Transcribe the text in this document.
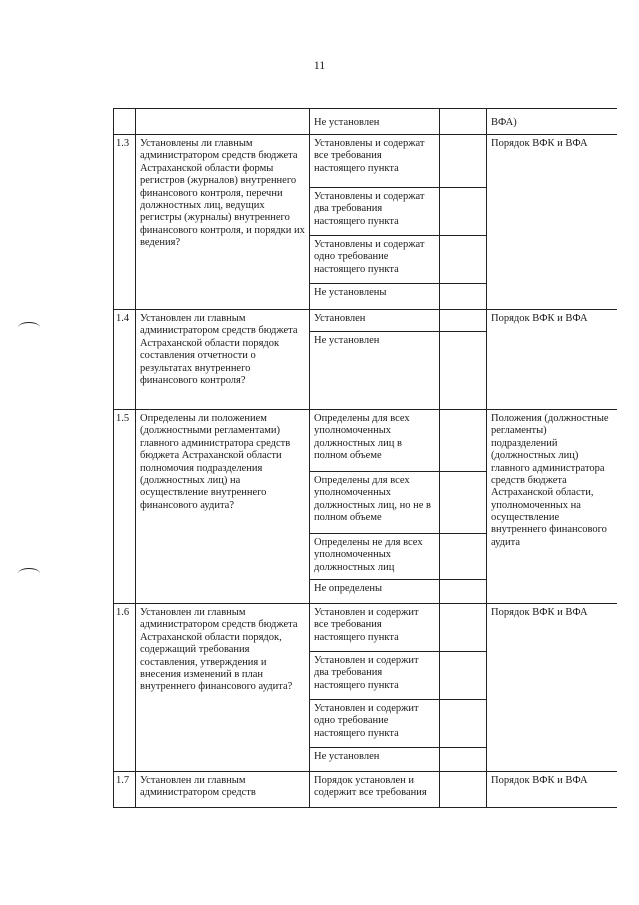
11
		Не установлен		ВФА)
1.3	Установлены ли главным администратором средств бюджета Астраханской области формы регистров (журналов) внутреннего финансового контроля, перечни должностных лиц, ведущих регистры (журналы) внутреннего финансового контроля, и порядки их ведения?	Установлены и содержат все требования настоящего пункта		Порядок ВФК и ВФА
		Установлены и содержат два требования настоящего пункта		
		Установлены и содержат одно требование настоящего пункта		
		Не установлены		
1.4	Установлен ли главным администратором средств бюджета Астраханской области порядок составления отчетности о результатах внутреннего финансового контроля?	Установлен		Порядок ВФК и ВФА
		Не установлен		
1.5	Определены ли положением (должностными регламентами) главного администратора средств бюджета Астраханской области полномочия подразделения (должностных лиц) на осуществление внутреннего финансового аудита?	Определены для всех уполномоченных должностных лиц в полном объеме		Положения (должностные регламенты) подразделений (должностных лиц) главного администратора средств бюджета Астраханской области, уполномоченных на осуществление внутреннего финансового аудита
		Определены для всех уполномоченных должностных лиц, но не в полном объеме		
		Определены не для всех уполномоченных должностных лиц		
		Не определены		
1.6	Установлен ли главным администратором средств бюджета Астраханской области порядок, содержащий требования составления, утверждения и внесения изменений в план внутреннего финансового аудита?	Установлен и содержит все требования настоящего пункта		Порядок ВФК и ВФА
		Установлен и содержит два требования настоящего пункта		
		Установлен и содержит одно требование настоящего пункта		
		Не установлен		
1.7	Установлен ли главным администратором средств	Порядок установлен и содержит все требования		Порядок ВФК и ВФА
